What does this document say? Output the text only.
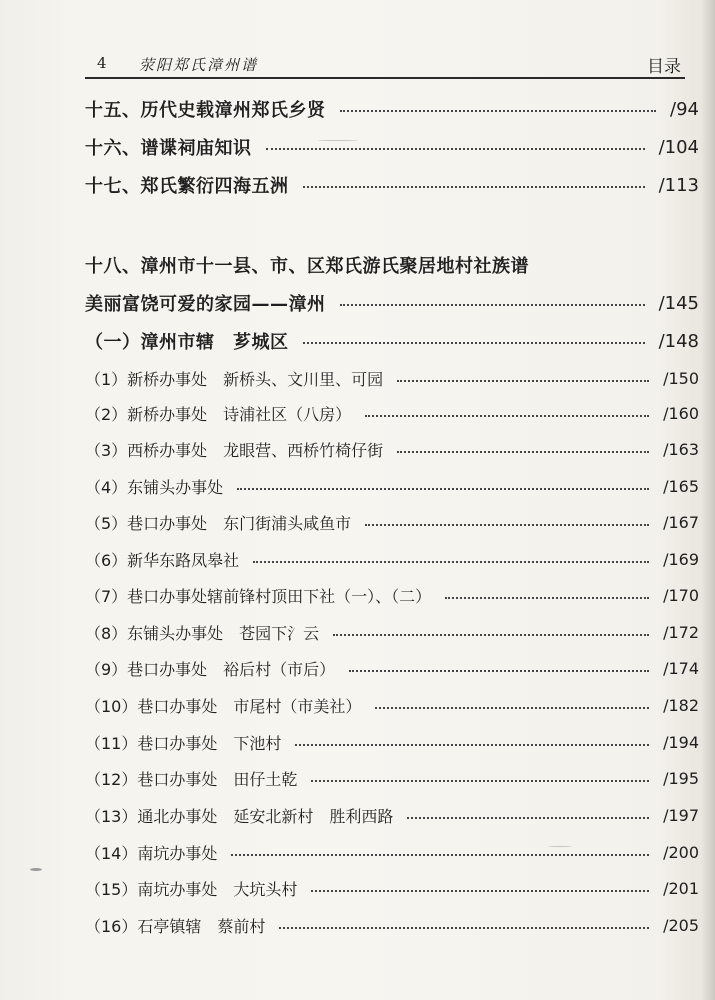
4 荥阳郑氏漳州谱	目录
十五、历代史载漳州郑氏乡贤	/94
十六、谱谍祠庙知识	/104
十七、郑氏繁衍四海五洲	/113
十八、漳州市十一县、市、区郑氏游氏聚居地村社族谱
美丽富饶可爱的家园——漳州	/145
（一）漳州市辖　芗城区	/148
（1）新桥办事处　新桥头、文川里、可园	/150
（2）新桥办事处　诗浦社区（八房）	/160
（3）西桥办事处　龙眼营、西桥竹椅仔街	/163
（4）东铺头办事处	/165
（5）巷口办事处　东门街浦头咸鱼市	/167
（6）新华东路凤皋社	/169
（7）巷口办事处辖前锋村顶田下社（一）、（二）	/170
（8）东铺头办事处　苍园下氵云	/172
（9）巷口办事处　裕后村（市后）	/174
（10）巷口办事处　市尾村（市美社）	/182
（11）巷口办事处　下池村	/194
（12）巷口办事处　田仔土乾	/195
（13）通北办事处　延安北新村　胜利西路	/197
（14）南坑办事处	/200
（15）南坑办事处　大坑头村	/201
（16）石亭镇辖　蔡前村	/205
